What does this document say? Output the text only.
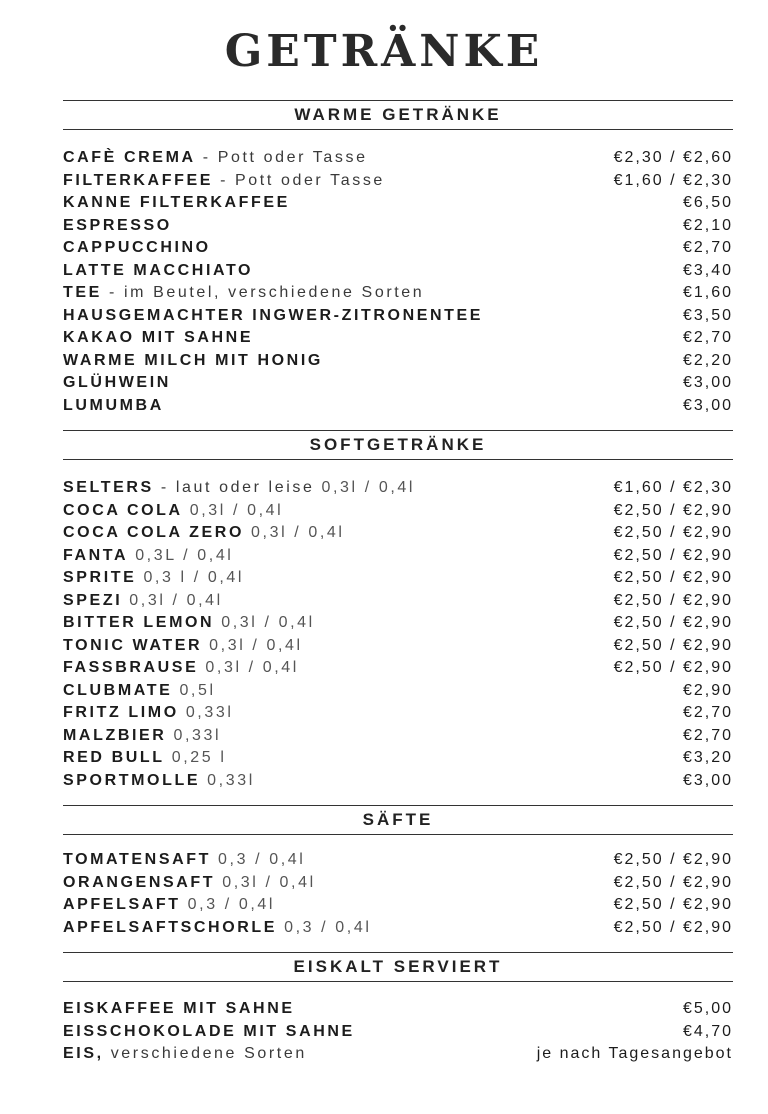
GETRÄNKE
WARME GETRÄNKE
CAFÈ CREMA - Pott oder Tasse	€2,30 / €2,60
FILTERKAFFEE - Pott oder Tasse	€1,60 / €2,30
KANNE FILTERKAFFEE	€6,50
ESPRESSO	€2,10
CAPPUCCHINO	€2,70
LATTE MACCHIATO	€3,40
TEE - im Beutel, verschiedene Sorten	€1,60
HAUSGEMACHTER INGWER-ZITRONENTEE	€3,50
KAKAO MIT SAHNE	€2,70
WARME MILCH MIT HONIG	€2,20
GLÜHWEIN	€3,00
LUMUMBA	€3,00
SOFTGETRÄNKE
SELTERS - laut oder leise 0,3l / 0,4l	€1,60 / €2,30
COCA COLA 0,3l / 0,4l	€2,50 / €2,90
COCA COLA ZERO 0,3l / 0,4l	€2,50 / €2,90
FANTA 0,3L / 0,4l	€2,50 / €2,90
SPRITE 0,3 l / 0,4l	€2,50 / €2,90
SPEZI 0,3l / 0,4l	€2,50 / €2,90
BITTER LEMON 0,3l / 0,4l	€2,50 / €2,90
TONIC WATER 0,3l / 0,4l	€2,50 / €2,90
FASSBRAUSE 0,3l / 0,4l	€2,50 / €2,90
CLUBMATE 0,5l	€2,90
FRITZ LIMO 0,33l	€2,70
MALZBIER 0,33l	€2,70
RED BULL 0,25 l	€3,20
SPORTMOLLE 0,33l	€3,00
SÄFTE
TOMATENSAFT 0,3 / 0,4l	€2,50 / €2,90
ORANGENSAFT 0,3l / 0,4l	€2,50 / €2,90
APFELSAFT 0,3 / 0,4l	€2,50 / €2,90
APFELSAFTSCHORLE 0,3 / 0,4l	€2,50 / €2,90
EISKALT SERVIERT
EISKAFFEE MIT SAHNE	€5,00
EISSCHOKOLADE MIT SAHNE	€4,70
EIS, verschiedene Sorten	je nach Tagesangebot
